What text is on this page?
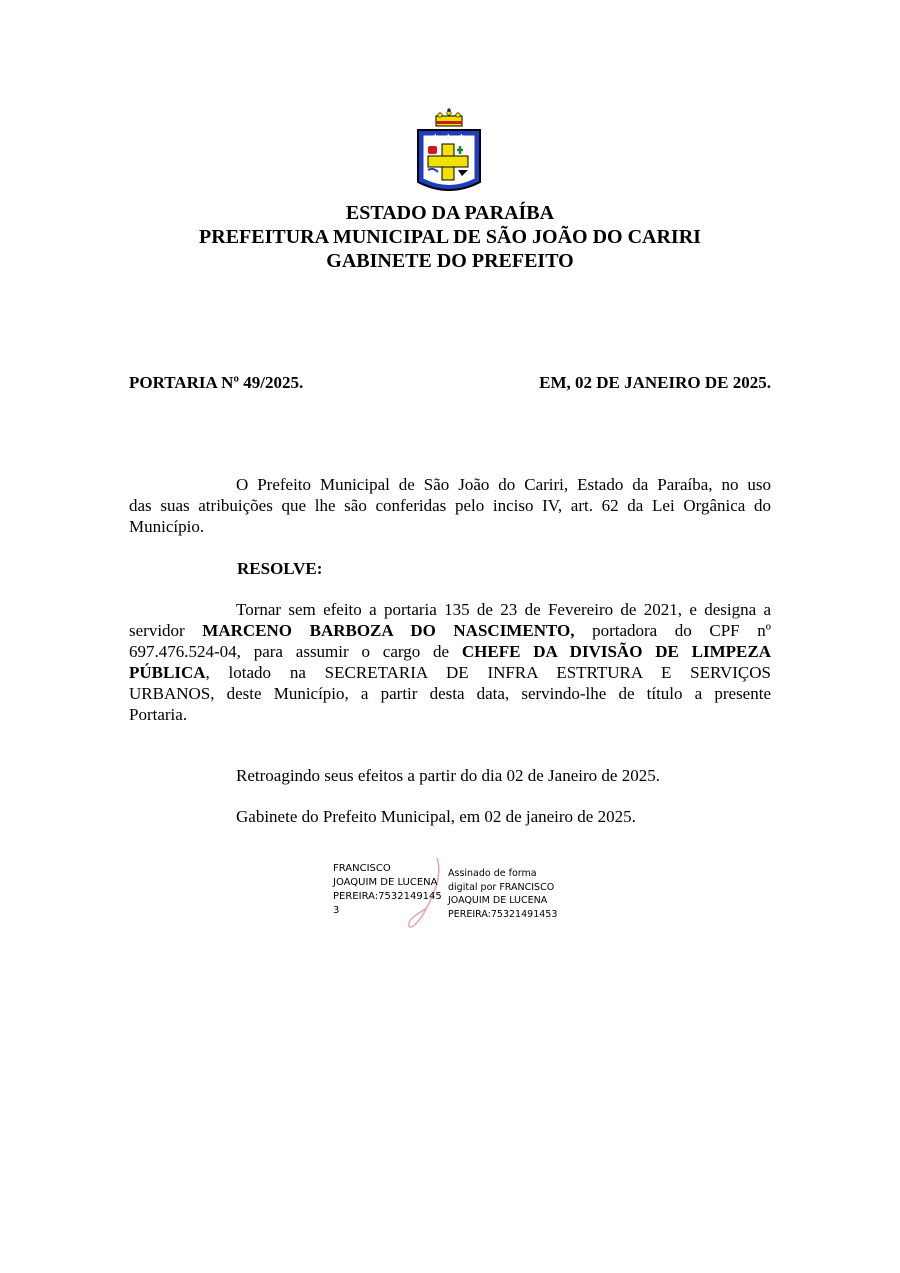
✱ ✱ ✱
ESTADO DA PARAÍBA
PREFEITURA MUNICIPAL DE SÃO JOÃO DO CARIRI
GABINETE DO PREFEITO
PORTARIA Nº 49/2025.	EM, 02 DE JANEIRO DE 2025.
O Prefeito Municipal de São João do Cariri, Estado da Paraíba, no uso
das suas atribuições que lhe são conferidas pelo inciso IV, art. 62 da Lei Orgânica do
Município.
RESOLVE:
Tornar sem efeito a portaria 135 de 23 de Fevereiro de 2021, e designa a
servidor MARCENO BARBOZA DO NASCIMENTO, portadora do CPF nº
697.476.524-04, para assumir o cargo de CHEFE DA DIVISÃO DE LIMPEZA
PÚBLICA, lotado na SECRETARIA DE INFRA ESTRTURA E SERVIÇOS
URBANOS, deste Município, a partir desta data, servindo-lhe de título a presente
Portaria.
Retroagindo seus efeitos a partir do dia 02 de Janeiro de 2025.
Gabinete do Prefeito Municipal, em 02 de janeiro de 2025.
FRANCISCO
JOAQUIM DE LUCENA
PEREIRA:7532149145
3
Assinado de forma
digital por FRANCISCO
JOAQUIM DE LUCENA
PEREIRA:75321491453
